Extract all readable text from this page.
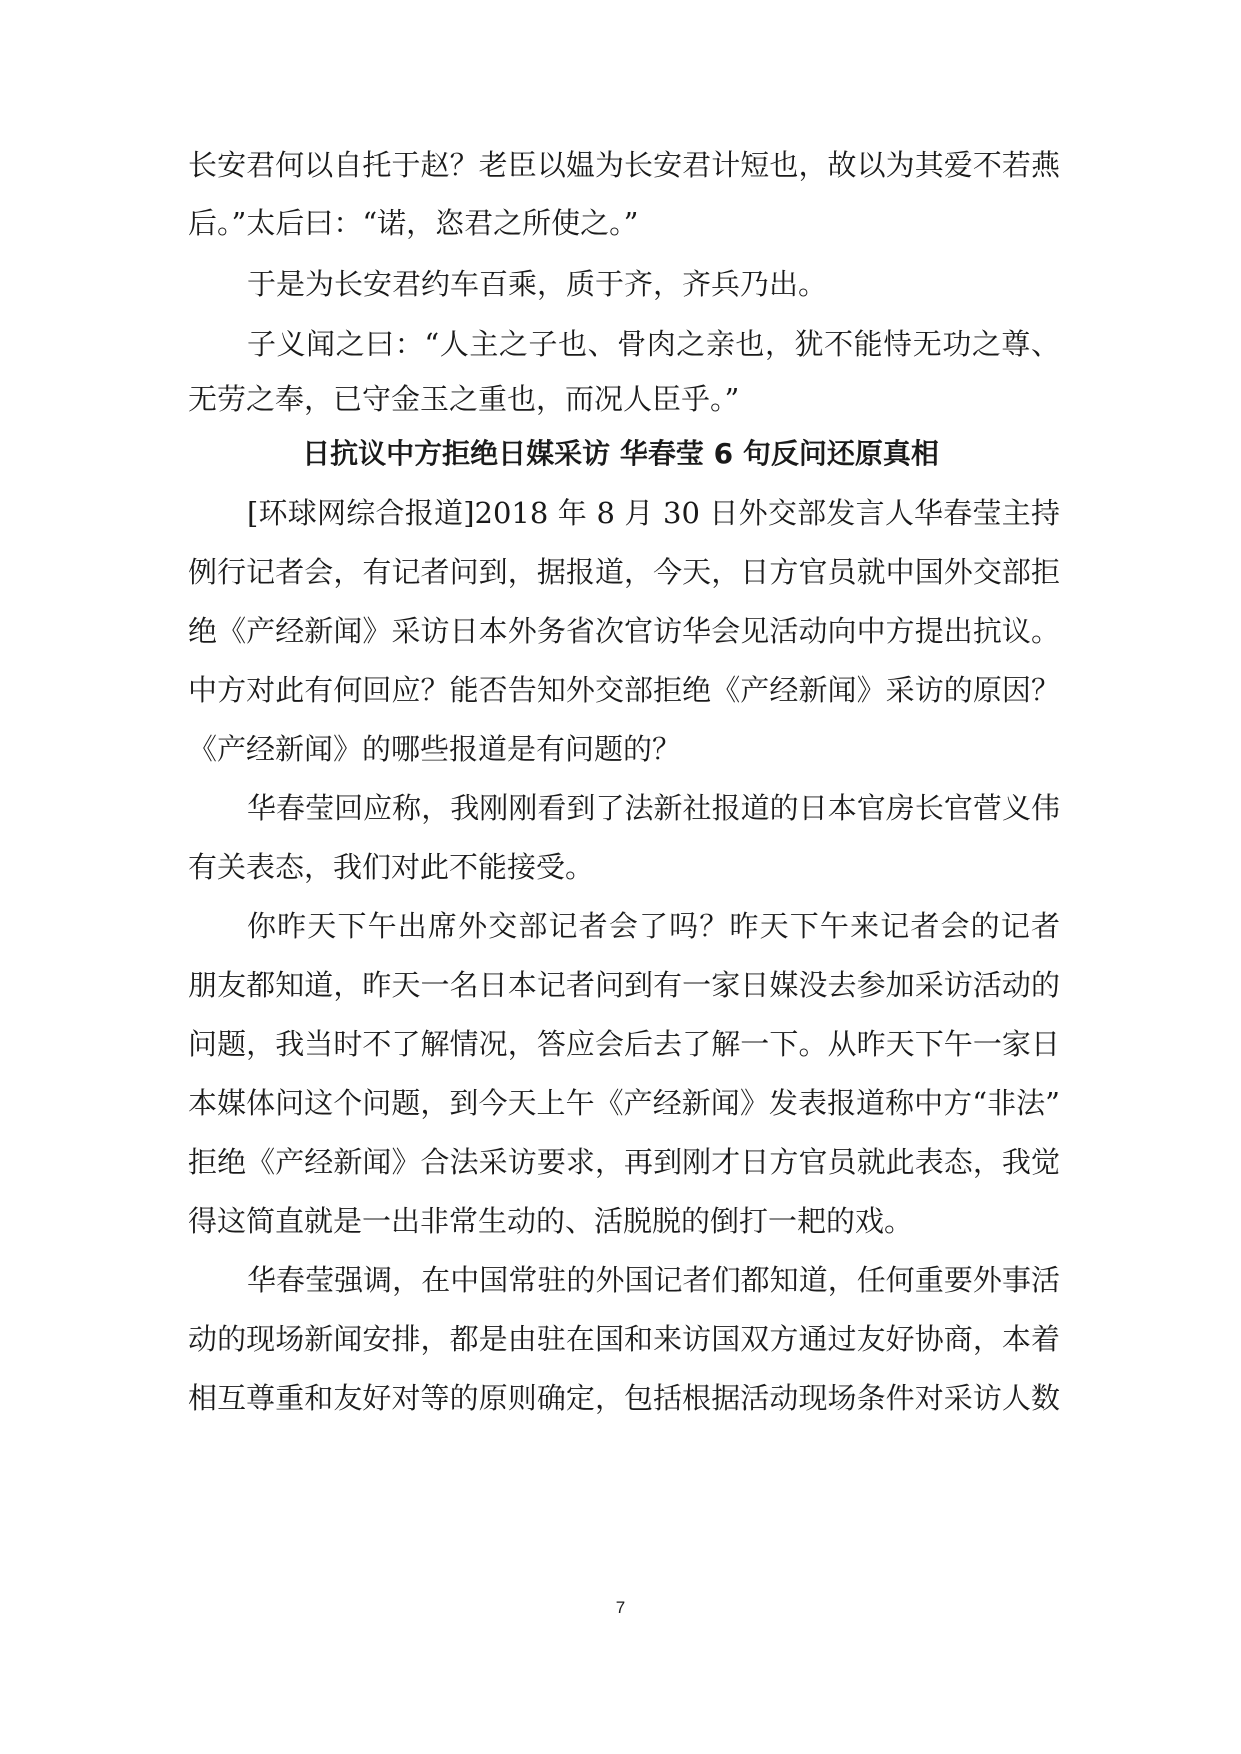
长安君何以自托于赵？老臣以媪为长安君计短也，故以为其爱不若燕
后。”太后曰：“诺，恣君之所使之。”
于是为长安君约车百乘，质于齐，齐兵乃出。
子义闻之曰：“人主之子也、骨肉之亲也，犹不能恃无功之尊、
无劳之奉，已守金玉之重也，而况人臣乎。”
日抗议中方拒绝日媒采访 华春莹 6 句反问还原真相
[环球网综合报道]2018 年 8 月 30 日外交部发言人华春莹主持
例行记者会，有记者问到，据报道，今天，日方官员就中国外交部拒
绝《产经新闻》采访日本外务省次官访华会见活动向中方提出抗议。
中方对此有何回应？能否告知外交部拒绝《产经新闻》采访的原因？
《产经新闻》的哪些报道是有问题的？
华春莹回应称，我刚刚看到了法新社报道的日本官房长官菅义伟
有关表态，我们对此不能接受。
你昨天下午出席外交部记者会了吗？昨天下午来记者会的记者
朋友都知道，昨天一名日本记者问到有一家日媒没去参加采访活动的
问题，我当时不了解情况，答应会后去了解一下。从昨天下午一家日
本媒体问这个问题，到今天上午《产经新闻》发表报道称中方“非法”
拒绝《产经新闻》合法采访要求，再到刚才日方官员就此表态，我觉
得这简直就是一出非常生动的、活脱脱的倒打一耙的戏。
华春莹强调，在中国常驻的外国记者们都知道，任何重要外事活
动的现场新闻安排，都是由驻在国和来访国双方通过友好协商，本着
相互尊重和友好对等的原则确定，包括根据活动现场条件对采访人数
7
